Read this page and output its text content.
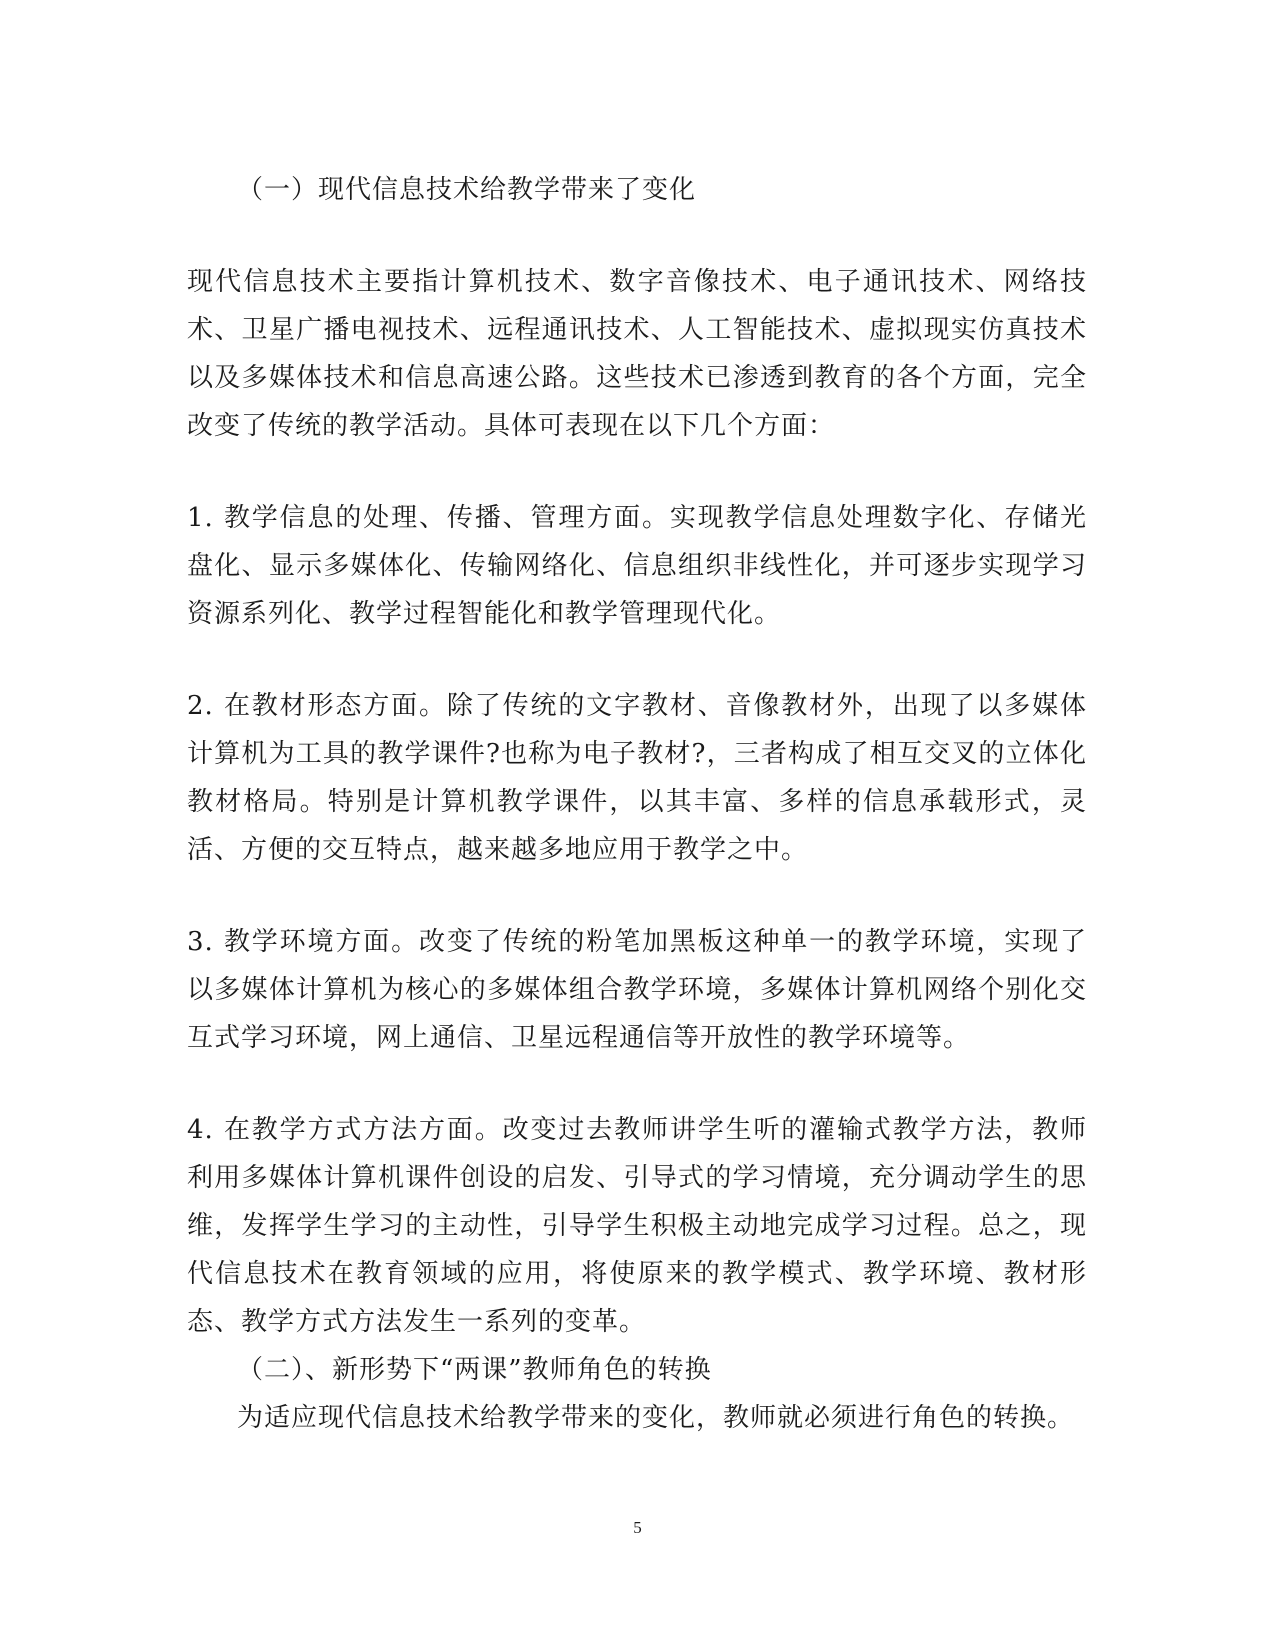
（一）现代信息技术给教学带来了变化

现代信息技术主要指计算机技术、数字音像技术、电子通讯技术、网络技术、卫星广播电视技术、远程通讯技术、人工智能技术、虚拟现实仿真技术以及多媒体技术和信息高速公路。这些技术已渗透到教育的各个方面，完全改变了传统的教学活动。具体可表现在以下几个方面：

1. 教学信息的处理、传播、管理方面。实现教学信息处理数字化、存储光盘化、显示多媒体化、传输网络化、信息组织非线性化，并可逐步实现学习资源系列化、教学过程智能化和教学管理现代化。

2. 在教材形态方面。除了传统的文字教材、音像教材外，出现了以多媒体计算机为工具的教学课件?也称为电子教材?，三者构成了相互交叉的立体化教材格局。特别是计算机教学课件，以其丰富、多样的信息承载形式，灵活、方便的交互特点，越来越多地应用于教学之中。

3. 教学环境方面。改变了传统的粉笔加黑板这种单一的教学环境，实现了以多媒体计算机为核心的多媒体组合教学环境，多媒体计算机网络个别化交互式学习环境，网上通信、卫星远程通信等开放性的教学环境等。

4. 在教学方式方法方面。改变过去教师讲学生听的灌输式教学方法，教师利用多媒体计算机课件创设的启发、引导式的学习情境，充分调动学生的思维，发挥学生学习的主动性，引导学生积极主动地完成学习过程。总之，现代信息技术在教育领域的应用，将使原来的教学模式、教学环境、教材形态、教学方式方法发生一系列的变革。

（二）、新形势下“两课”教师角色的转换

为适应现代信息技术给教学带来的变化，教师就必须进行角色的转换。

5
